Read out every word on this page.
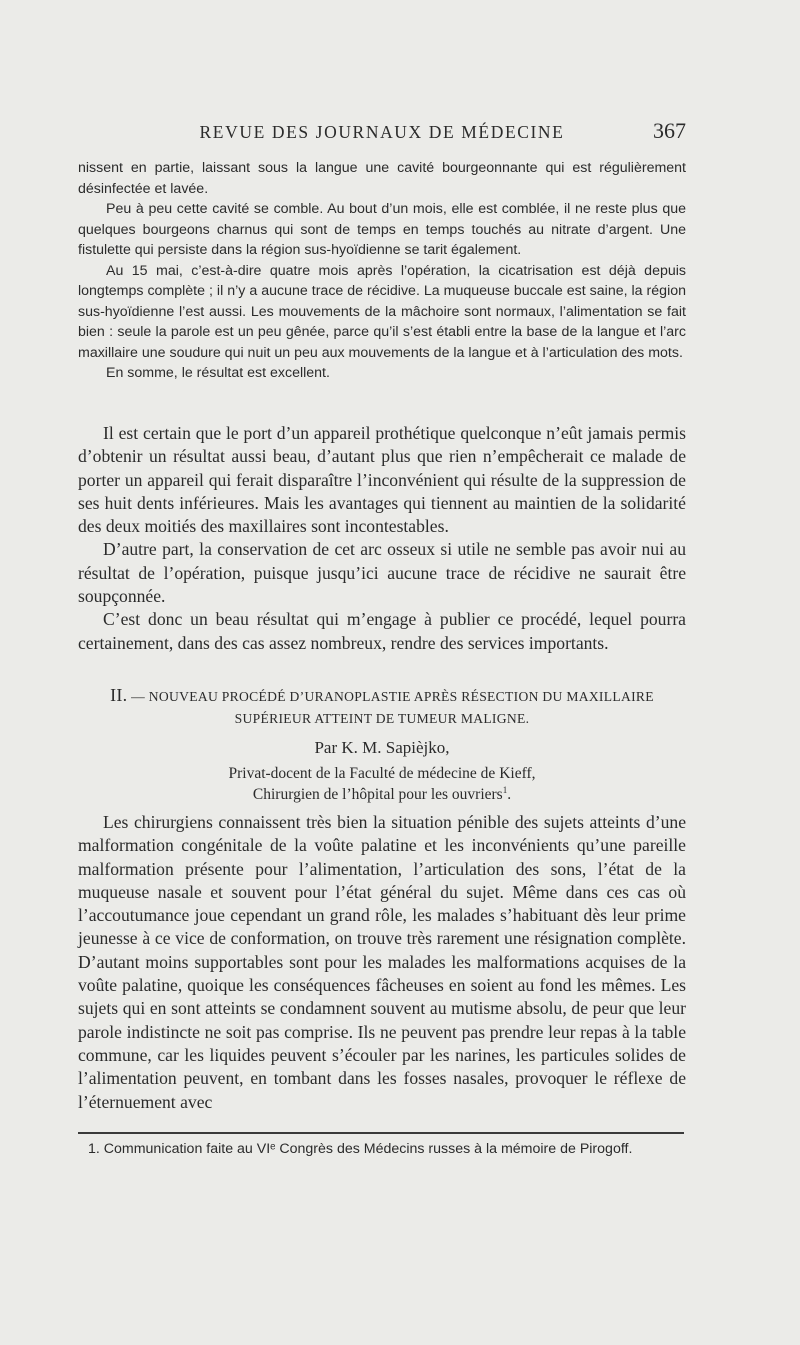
REVUE DES JOURNAUX DE MÉDECINE	367

nissent en partie, laissant sous la langue une cavité bourgeonnante qui est régulièrement désinfectée et lavée.

Peu à peu cette cavité se comble. Au bout d’un mois, elle est comblée, il ne reste plus que quelques bourgeons charnus qui sont de temps en temps touchés au nitrate d’argent. Une fistulette qui persiste dans la région sus-hyoïdienne se tarit également.

Au 15 mai, c’est-à-dire quatre mois après l’opération, la cicatrisation est déjà depuis longtemps complète ; il n’y a aucune trace de récidive. La muqueuse buccale est saine, la région sus-hyoïdienne l’est aussi. Les mouvements de la mâchoire sont normaux, l’alimentation se fait bien : seule la parole est un peu gênée, parce qu’il s’est établi entre la base de la langue et l’arc maxillaire une soudure qui nuit un peu aux mouvements de la langue et à l’articulation des mots.

En somme, le résultat est excellent.

Il est certain que le port d’un appareil prothétique quelconque n’eût jamais permis d’obtenir un résultat aussi beau, d’autant plus que rien n’empêcherait ce malade de porter un appareil qui ferait disparaître l’inconvénient qui résulte de la suppression de ses huit dents inférieures. Mais les avantages qui tiennent au maintien de la solidarité des deux moitiés des maxillaires sont incontestables.

D’autre part, la conservation de cet arc osseux si utile ne semble pas avoir nui au résultat de l’opération, puisque jusqu’ici aucune trace de récidive ne saurait être soupçonnée.

C’est donc un beau résultat qui m’engage à publier ce procédé, lequel pourra certainement, dans des cas assez nombreux, rendre des services importants.

II. — NOUVEAU PROCÉDÉ D’URANOPLASTIE APRÈS RÉSECTION DU MAXILLAIRE

SUPÉRIEUR ATTEINT DE TUMEUR MALIGNE.

Par K. M. Sapièjko,

Privat-docent de la Faculté de médecine de Kieff,

Chirurgien de l’hôpital pour les ouvriers$^1$.

Les chirurgiens connaissent très bien la situation pénible des sujets atteints d’une malformation congénitale de la voûte palatine et les inconvénients qu’une pareille malformation présente pour l’alimentation, l’articulation des sons, l’état de la muqueuse nasale et souvent pour l’état général du sujet. Même dans ces cas où l’accoutumance joue cependant un grand rôle, les malades s’habituant dès leur prime jeunesse à ce vice de conformation, on trouve très rarement une résignation complète. D’autant moins supportables sont pour les malades les malformations acquises de la voûte palatine, quoique les conséquences fâcheuses en soient au fond les mêmes. Les sujets qui en sont atteints se condamnent souvent au mutisme absolu, de peur que leur parole indistincte ne soit pas comprise. Ils ne peuvent pas prendre leur repas à la table commune, car les liquides peuvent s’écouler par les narines, les particules solides de l’alimentation peuvent, en tombant dans les fosses nasales, provoquer le réflexe de l’éternuement avec

1. Communication faite au VIᵉ Congrès des Médecins russes à la mémoire de Pirogoff.
